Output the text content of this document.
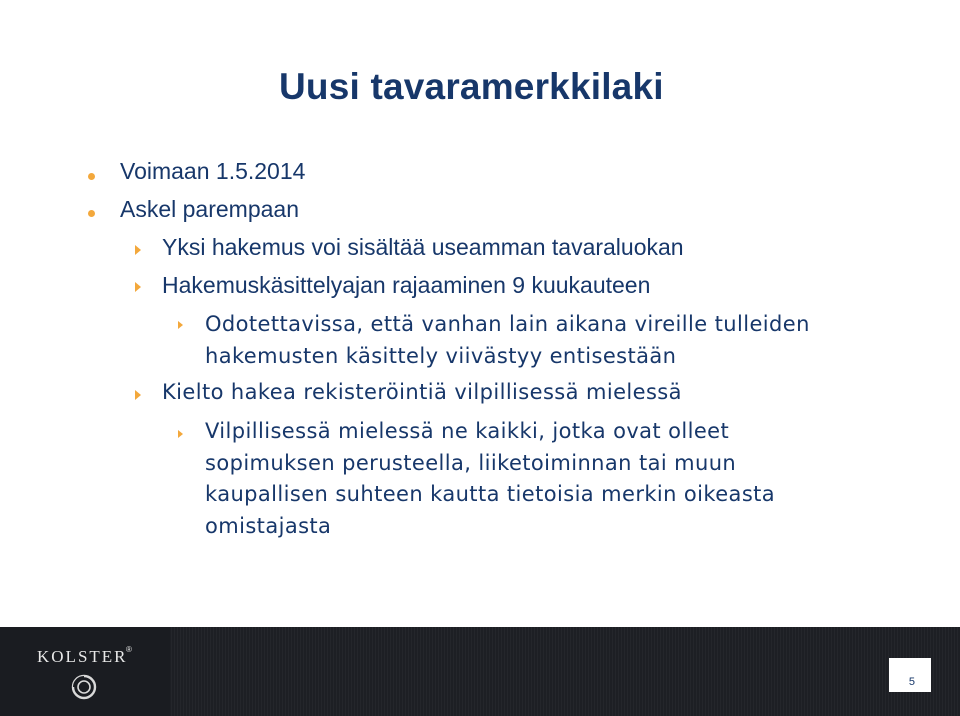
Uusi tavaramerkkilaki
Voimaan 1.5.2014
Askel parempaan
Yksi hakemus voi sisältää useamman tavaraluokan
Hakemuskäsittelyajan rajaaminen 9 kuukauteen
Odotettavissa, että vanhan lain aikana vireille tulleiden
hakemusten käsittely viivästyy entisestään
Kielto hakea rekisteröintiä vilpillisessä mielessä
Vilpillisessä mielessä ne kaikki, jotka ovat olleet
sopimuksen perusteella, liiketoiminnan tai muun
kaupallisen suhteen kautta tietoisia merkin oikeasta
omistajasta
KOLSTER
®
5
